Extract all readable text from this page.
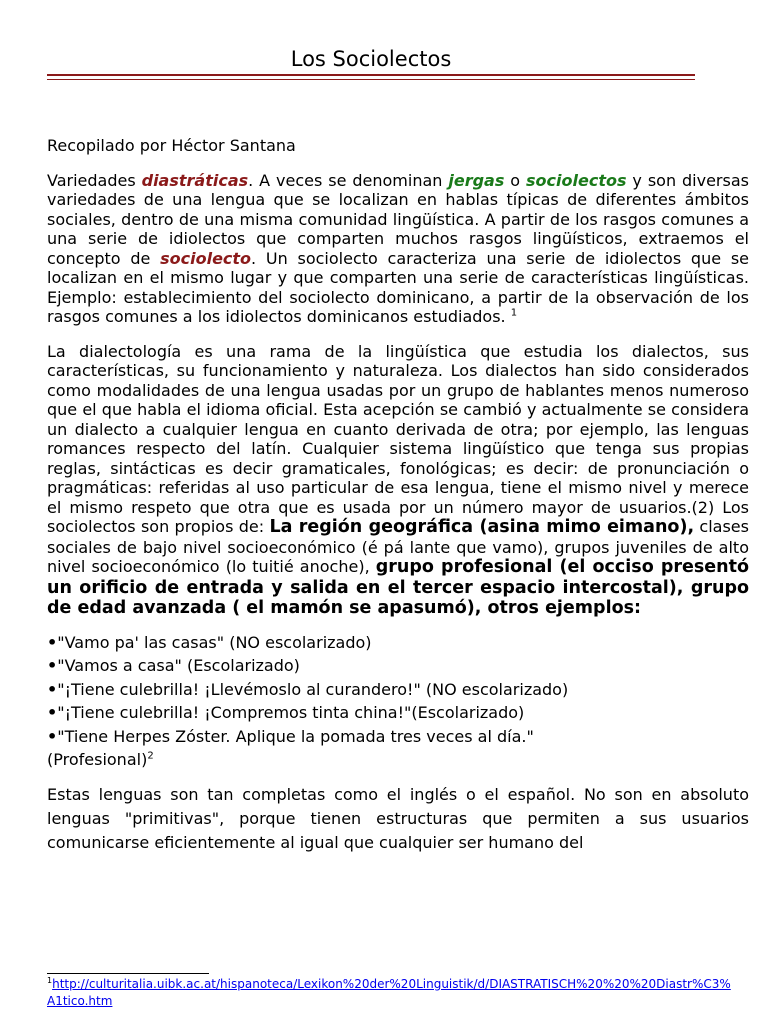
Los Sociolectos

Recopilado por Héctor Santana

Variedades diastráticas. A veces se denominan jergas o sociolectos y son diversas variedades de una lengua que se localizan en hablas típicas de diferentes ámbitos sociales, dentro de una misma comunidad lingüística. A partir de los rasgos comunes a una serie de idiolectos que comparten muchos rasgos lingüísticos, extraemos el concepto de sociolecto. Un sociolecto caracteriza una serie de idiolectos que se localizan en el mismo lugar y que comparten una serie de características lingüísticas. Ejemplo: establecimiento del sociolecto dominicano, a partir de la observación de los rasgos comunes a los idiolectos dominicanos estudiados. $^1$

La dialectología es una rama de la lingüística que estudia los dialectos, sus características, su funcionamiento y naturaleza. Los dialectos han sido considerados como modalidades de una lengua usadas por un grupo de hablantes menos numeroso que el que habla el idioma oficial. Esta acepción se cambió y actualmente se considera un dialecto a cualquier lengua en cuanto derivada de otra; por ejemplo, las lenguas romances respecto del latín. Cualquier sistema lingüístico que tenga sus propias reglas, sintácticas es decir gramaticales, fonológicas; es decir: de pronunciación o pragmáticas: referidas al uso particular de esa lengua, tiene el mismo nivel y merece el mismo respeto que otra que es usada por un número mayor de usuarios.(2) Los sociolectos son propios de: La región geográfica (asina mimo eimano), clases sociales de bajo nivel socioeconómico (é pá lante que vamo), grupos juveniles de alto nivel socioeconómico (lo tuitié anoche), grupo profesional (el occiso presentó un orificio de entrada y salida en el tercer espacio intercostal), grupo de edad avanzada ( el mamón se apasumó), otros ejemplos:

•"Vamo pa' las casas" (NO escolarizado)
•"Vamos a casa" (Escolarizado)
•"¡Tiene culebrilla! ¡Llevémoslo al curandero!" (NO escolarizado)
•"¡Tiene culebrilla! ¡Compremos tinta china!"(Escolarizado)
•"Tiene Herpes Zóster. Aplique la pomada tres veces al día."(Profesional)$^2$

Estas lenguas son tan completas como el inglés o el español. No son en absoluto lenguas "primitivas", porque tienen estructuras que permiten a sus usuarios comunicarse eficientemente al igual que cualquier ser humano del

$^1$http://culturitalia.uibk.ac.at/hispanoteca/Lexikon%20der%20Linguistik/d/DIASTRATISCH%20%20%20Diastr%C3%A1tico.htm
